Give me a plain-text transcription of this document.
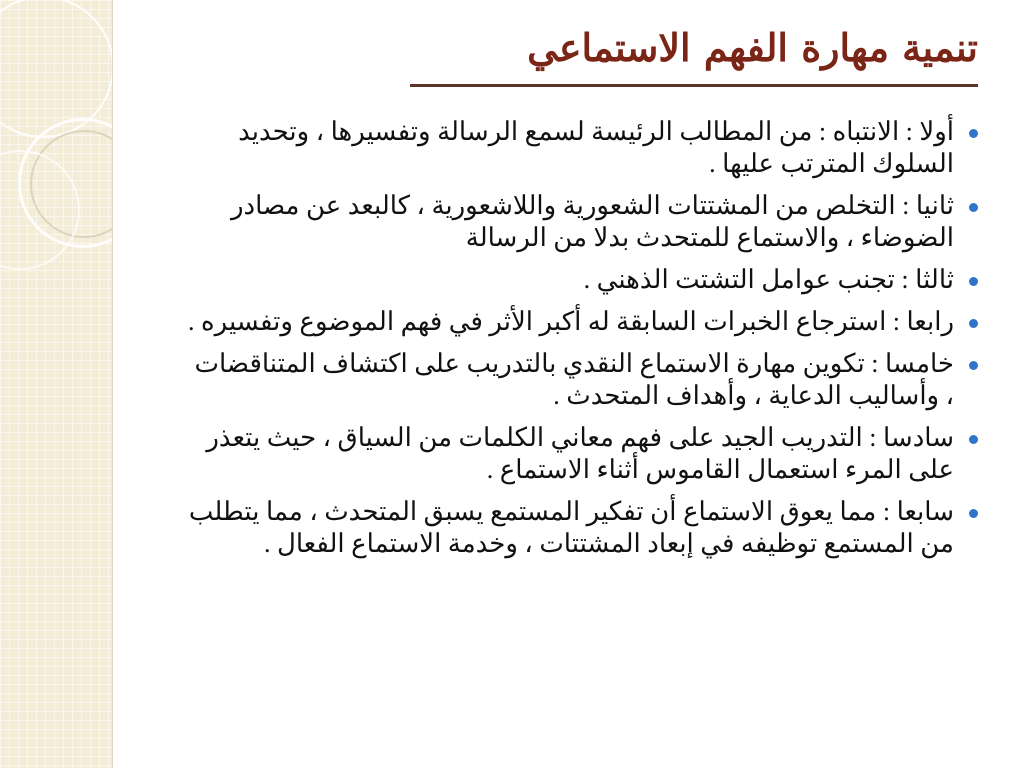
تنمية مهارة الفهم الاستماعي
أولا : الانتباه : من المطالب الرئيسة لسمع الرسالة وتفسيرها ، وتحديد السلوك المترتب عليها .
ثانيا : التخلص من المشتتات الشعورية واللاشعورية ، كالبعد عن مصادر الضوضاء ، والاستماع للمتحدث بدلا من الرسالة
ثالثا : تجنب عوامل التشتت الذهني .
رابعا : استرجاع الخبرات السابقة له أكبر الأثر في فهم الموضوع وتفسيره .
خامسا : تكوين مهارة الاستماع النقدي بالتدريب على اكتشاف المتناقضات ، وأساليب الدعاية ، وأهداف المتحدث .
سادسا : التدريب الجيد على فهم معاني الكلمات من السياق ، حيث يتعذر على المرء استعمال القاموس أثناء الاستماع .
سابعا : مما يعوق الاستماع أن تفكير المستمع يسبق المتحدث ، مما يتطلب من المستمع توظيفه في إبعاد المشتتات ، وخدمة الاستماع الفعال .
